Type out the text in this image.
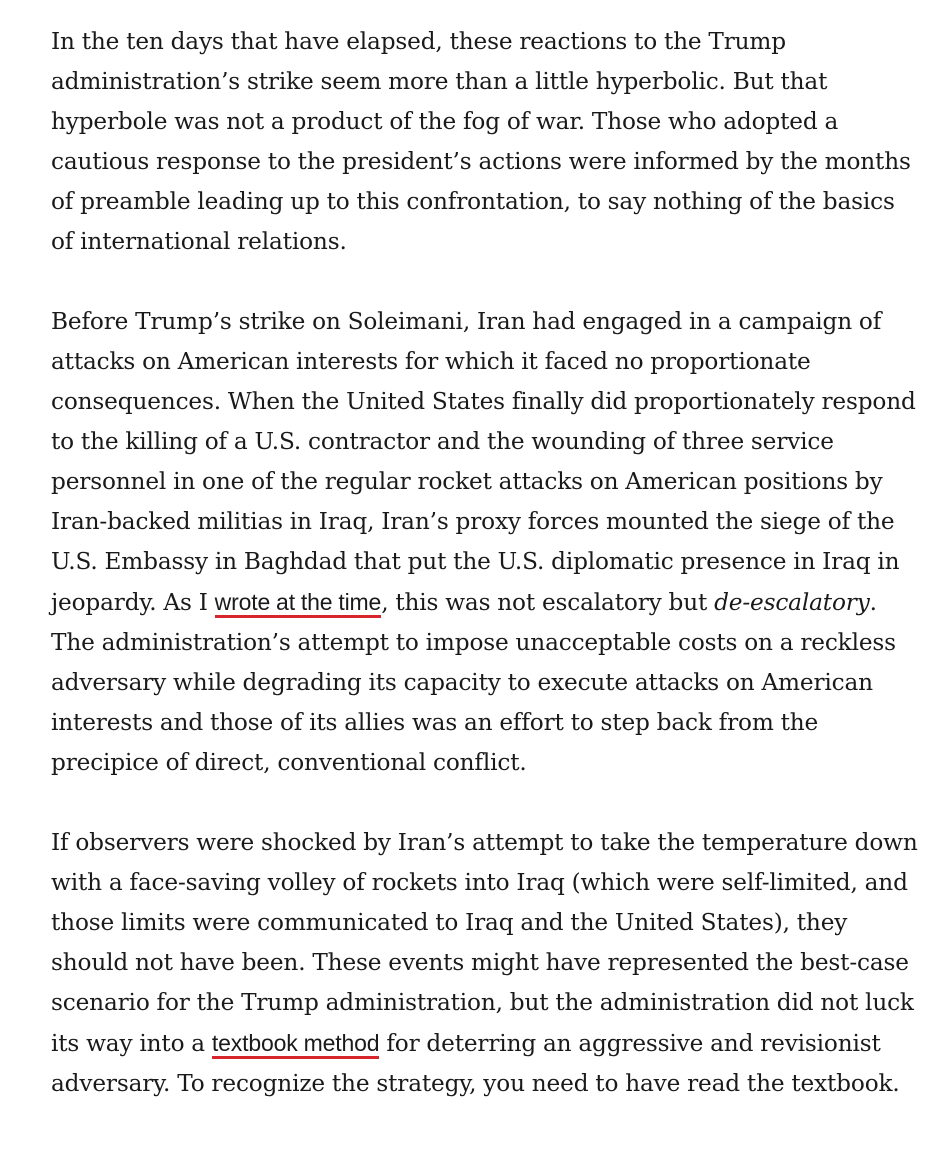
In the ten days that have elapsed, these reactions to the Trump administration’s strike seem more than a little hyperbolic. But that hyperbole was not a product of the fog of war. Those who adopted a cautious response to the president’s actions were informed by the months of preamble leading up to this confrontation, to say nothing of the basics of international relations.

Before Trump’s strike on Soleimani, Iran had engaged in a campaign of attacks on American interests for which it faced no proportionate consequences. When the United States finally did proportionately respond to the killing of a U.S. contractor and the wounding of three service personnel in one of the regular rocket attacks on American positions by Iran-backed militias in Iraq, Iran’s proxy forces mounted the siege of the U.S. Embassy in Baghdad that put the U.S. diplomatic presence in Iraq in jeopardy. As I wrote at the time, this was not escalatory but de-escalatory. The administration’s attempt to impose unacceptable costs on a reckless adversary while degrading its capacity to execute attacks on American interests and those of its allies was an effort to step back from the precipice of direct, conventional conflict.

If observers were shocked by Iran’s attempt to take the temperature down with a face-saving volley of rockets into Iraq (which were self-limited, and those limits were communicated to Iraq and the United States), they should not have been. These events might have represented the best-case scenario for the Trump administration, but the administration did not luck its way into a textbook method for deterring an aggressive and revisionist adversary. To recognize the strategy, you need to have read the textbook.
